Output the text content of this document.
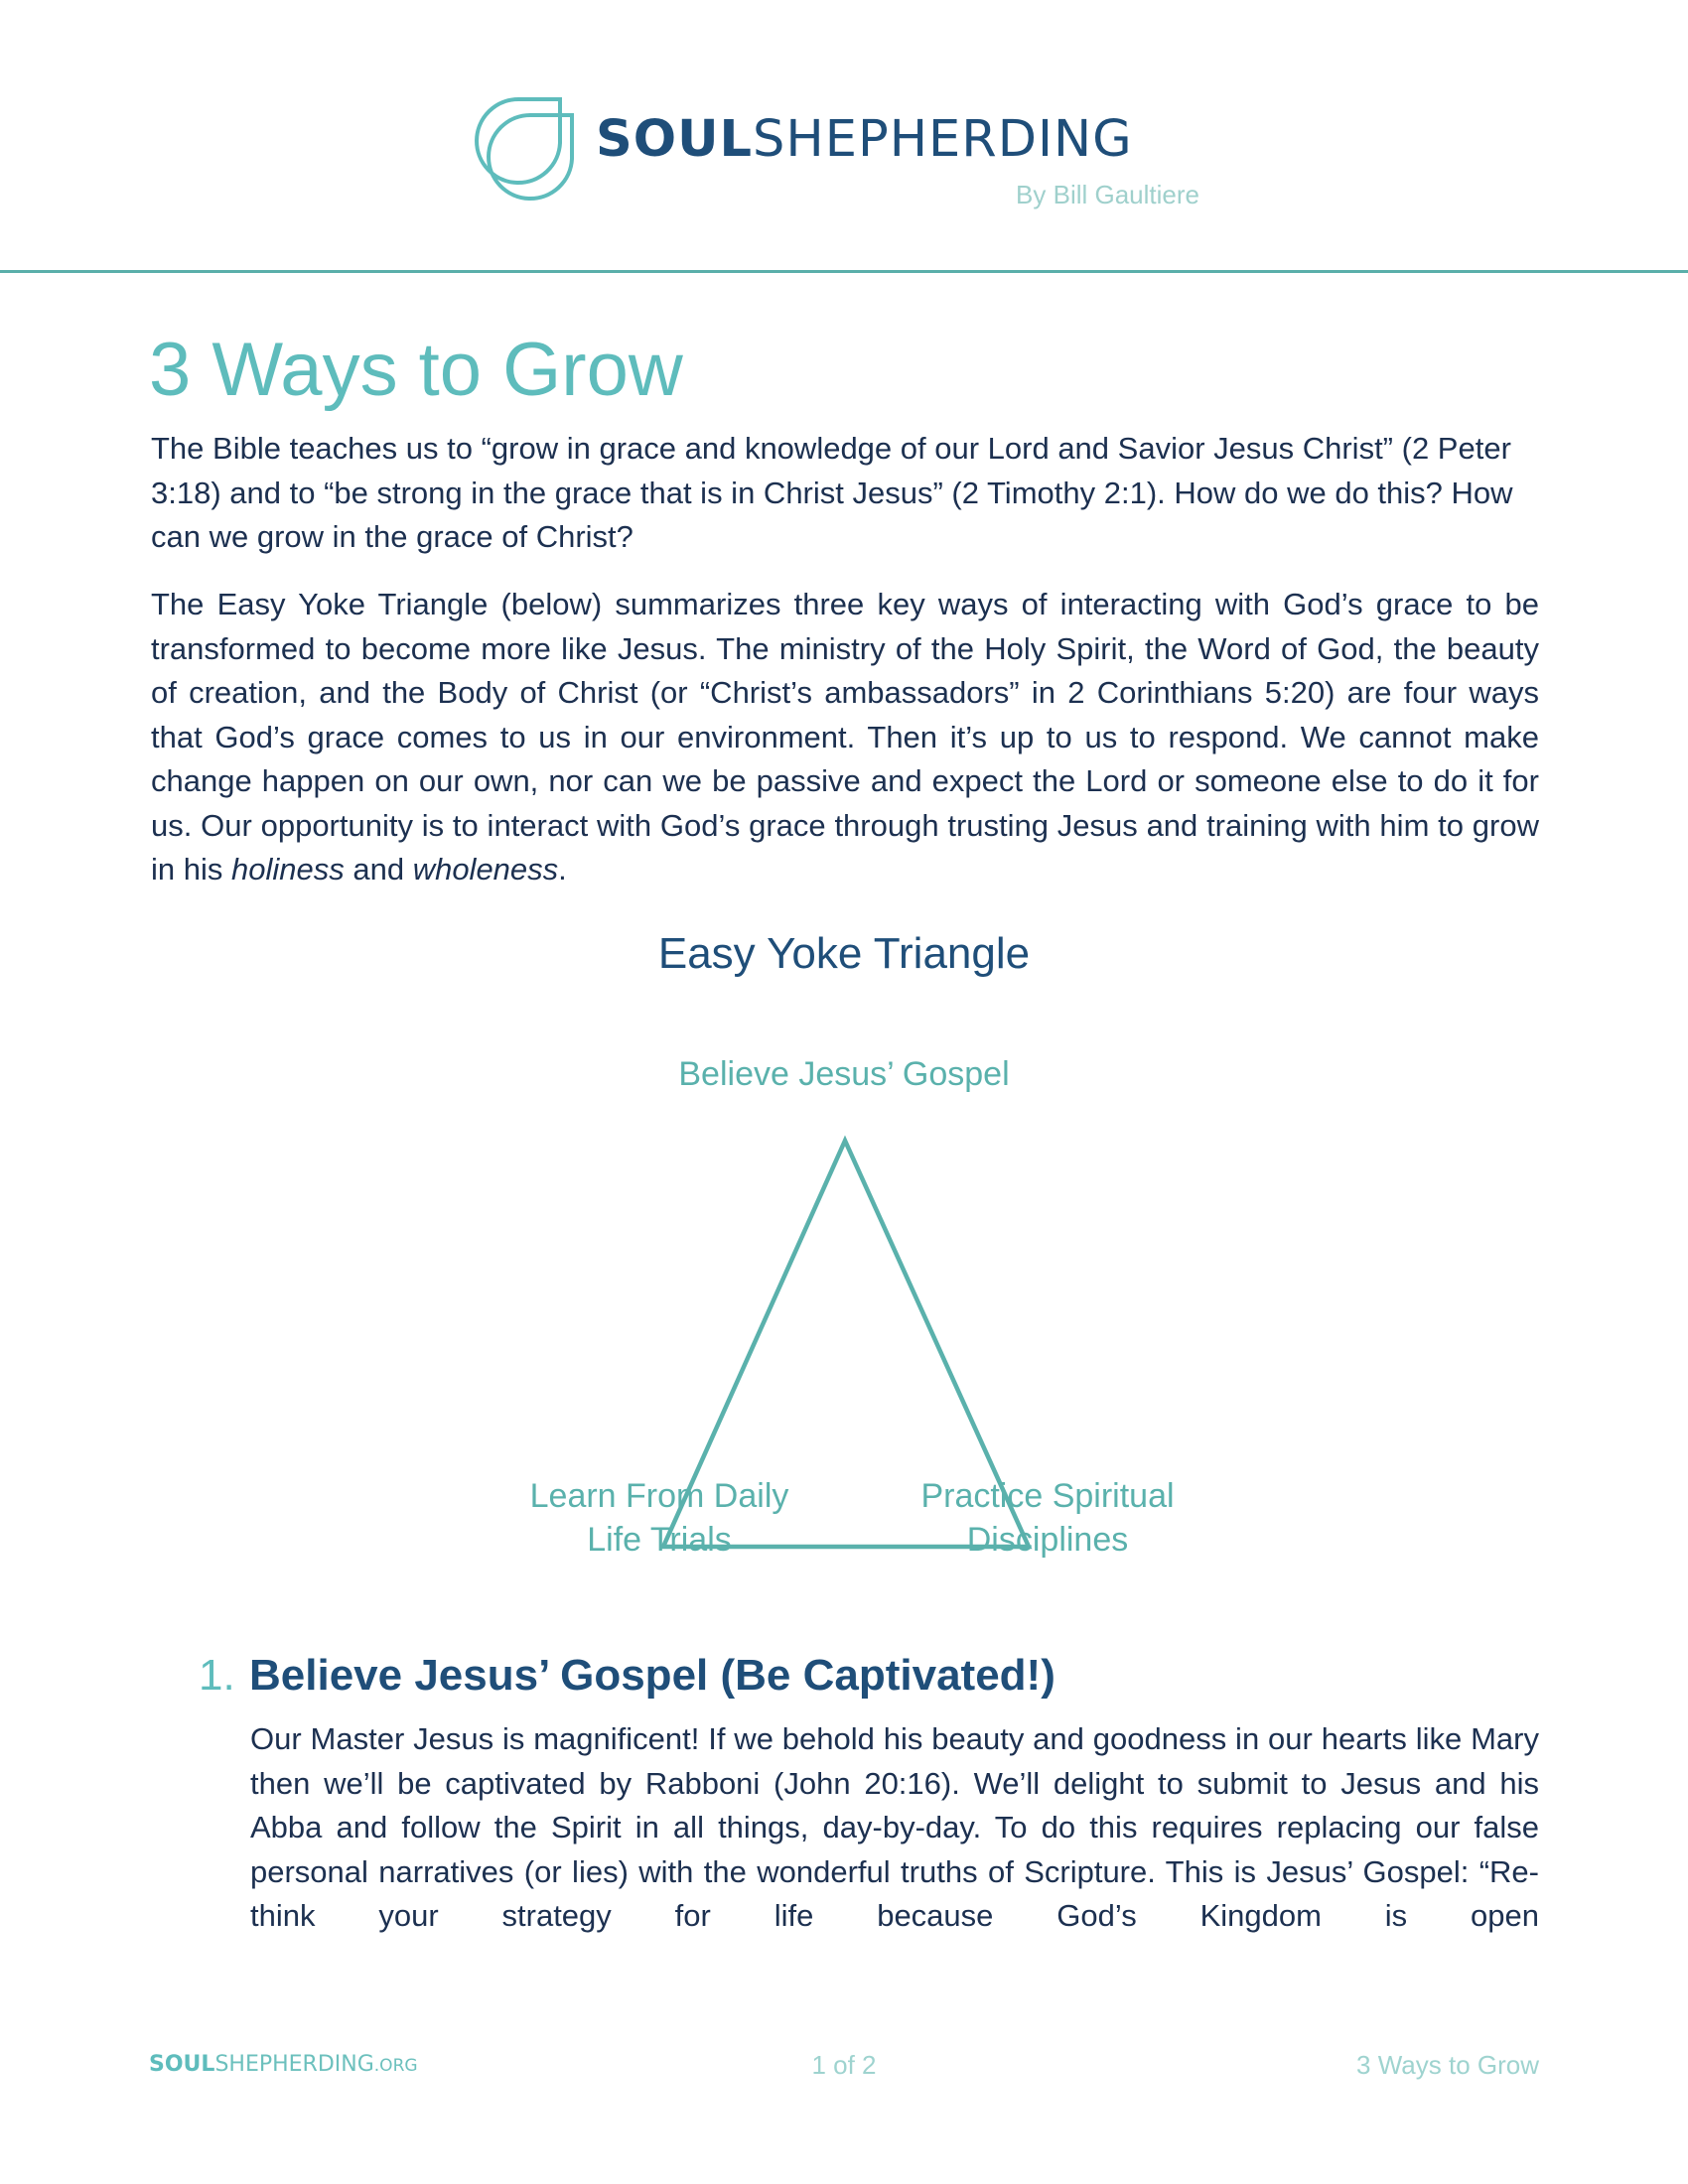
SOULSHEPHERDING
By Bill Gaultiere
3 Ways to Grow

The Bible teaches us to “grow in grace and knowledge of our Lord and Savior Jesus Christ” (2 Peter 3:18) and to “be strong in the grace that is in Christ Jesus” (2 Timothy 2:1). How do we do this? How can we grow in the grace of Christ?

The Easy Yoke Triangle (below) summarizes three key ways of interacting with God’s grace to be transformed to become more like Jesus. The ministry of the Holy Spirit, the Word of God, the beauty of creation, and the Body of Christ (or “Christ’s ambassadors” in 2 Corinthians 5:20) are four ways that God’s grace comes to us in our environment. Then it’s up to us to respond. We cannot make change happen on our own, nor can we be passive and expect the Lord or someone else to do it for us. Our opportunity is to interact with God’s grace through trusting Jesus and training with him to grow in his holiness and wholeness.

Easy Yoke Triangle
Believe Jesus’ Gospel
Learn From Daily
Life Trials
Practice Spiritual
Disciplines
1. Believe Jesus’ Gospel (Be Captivated!)

Our Master Jesus is magnificent! If we behold his beauty and goodness in our hearts like Mary then we’ll be captivated by Rabboni (John 20:16). We’ll delight to submit to Jesus and his Abba and follow the Spirit in all things, day-by-day. To do this requires replacing our false personal narratives (or lies) with the wonderful truths of Scripture. This is Jesus’ Gospel: “Re-think your strategy for life because God’s Kingdom is open

SOULSHEPHERDING.ORG	1 of 2	3 Ways to Grow
